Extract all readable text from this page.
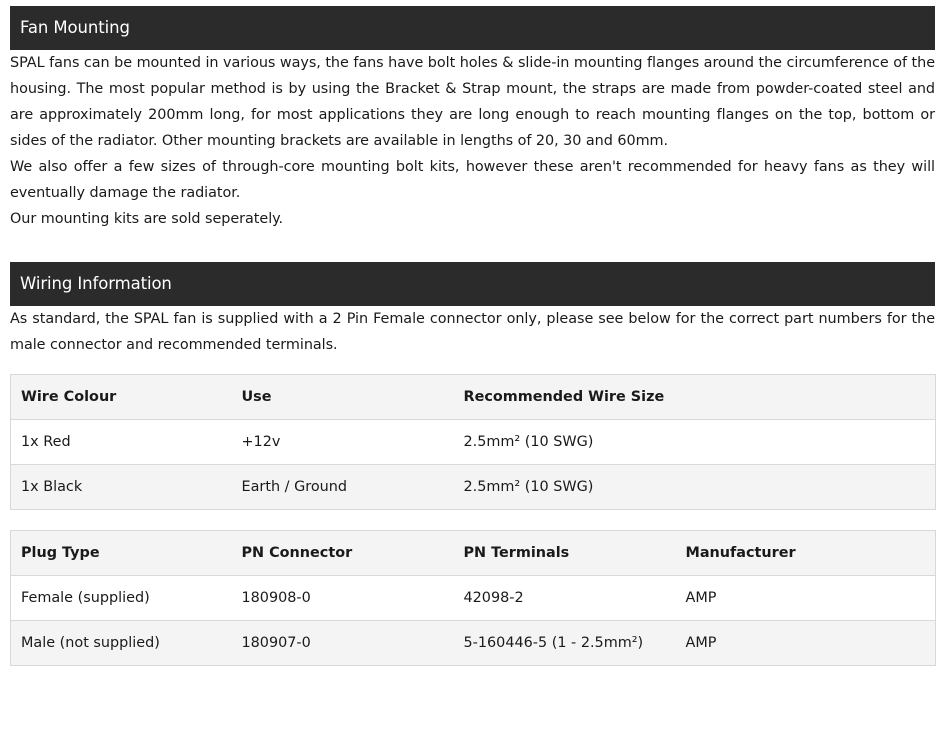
Fan Mounting

SPAL fans can be mounted in various ways, the fans have bolt holes & slide-in mounting flanges around the circumference of the housing. The most popular method is by using the Bracket & Strap mount, the straps are made from powder-coated steel and are approximately 200mm long, for most applications they are long enough to reach mounting flanges on the top, bottom or sides of the radiator. Other mounting brackets are available in lengths of 20, 30 and 60mm.

We also offer a few sizes of through-core mounting bolt kits, however these aren't recommended for heavy fans as they will eventually damage the radiator.

Our mounting kits are sold seperately.

Wiring Information

As standard, the SPAL fan is supplied with a 2 Pin Female connector only, please see below for the correct part numbers for the male connector and recommended terminals.

Wire Colour	Use	Recommended Wire Size	
1x Red	+12v	2.5mm² (10 SWG)	
1x Black	Earth / Ground	2.5mm² (10 SWG)	
Plug Type	PN Connector	PN Terminals	Manufacturer
Female (supplied)	180908-0	42098-2	AMP
Male (not supplied)	180907-0	5-160446-5 (1 - 2.5mm²)	AMP
